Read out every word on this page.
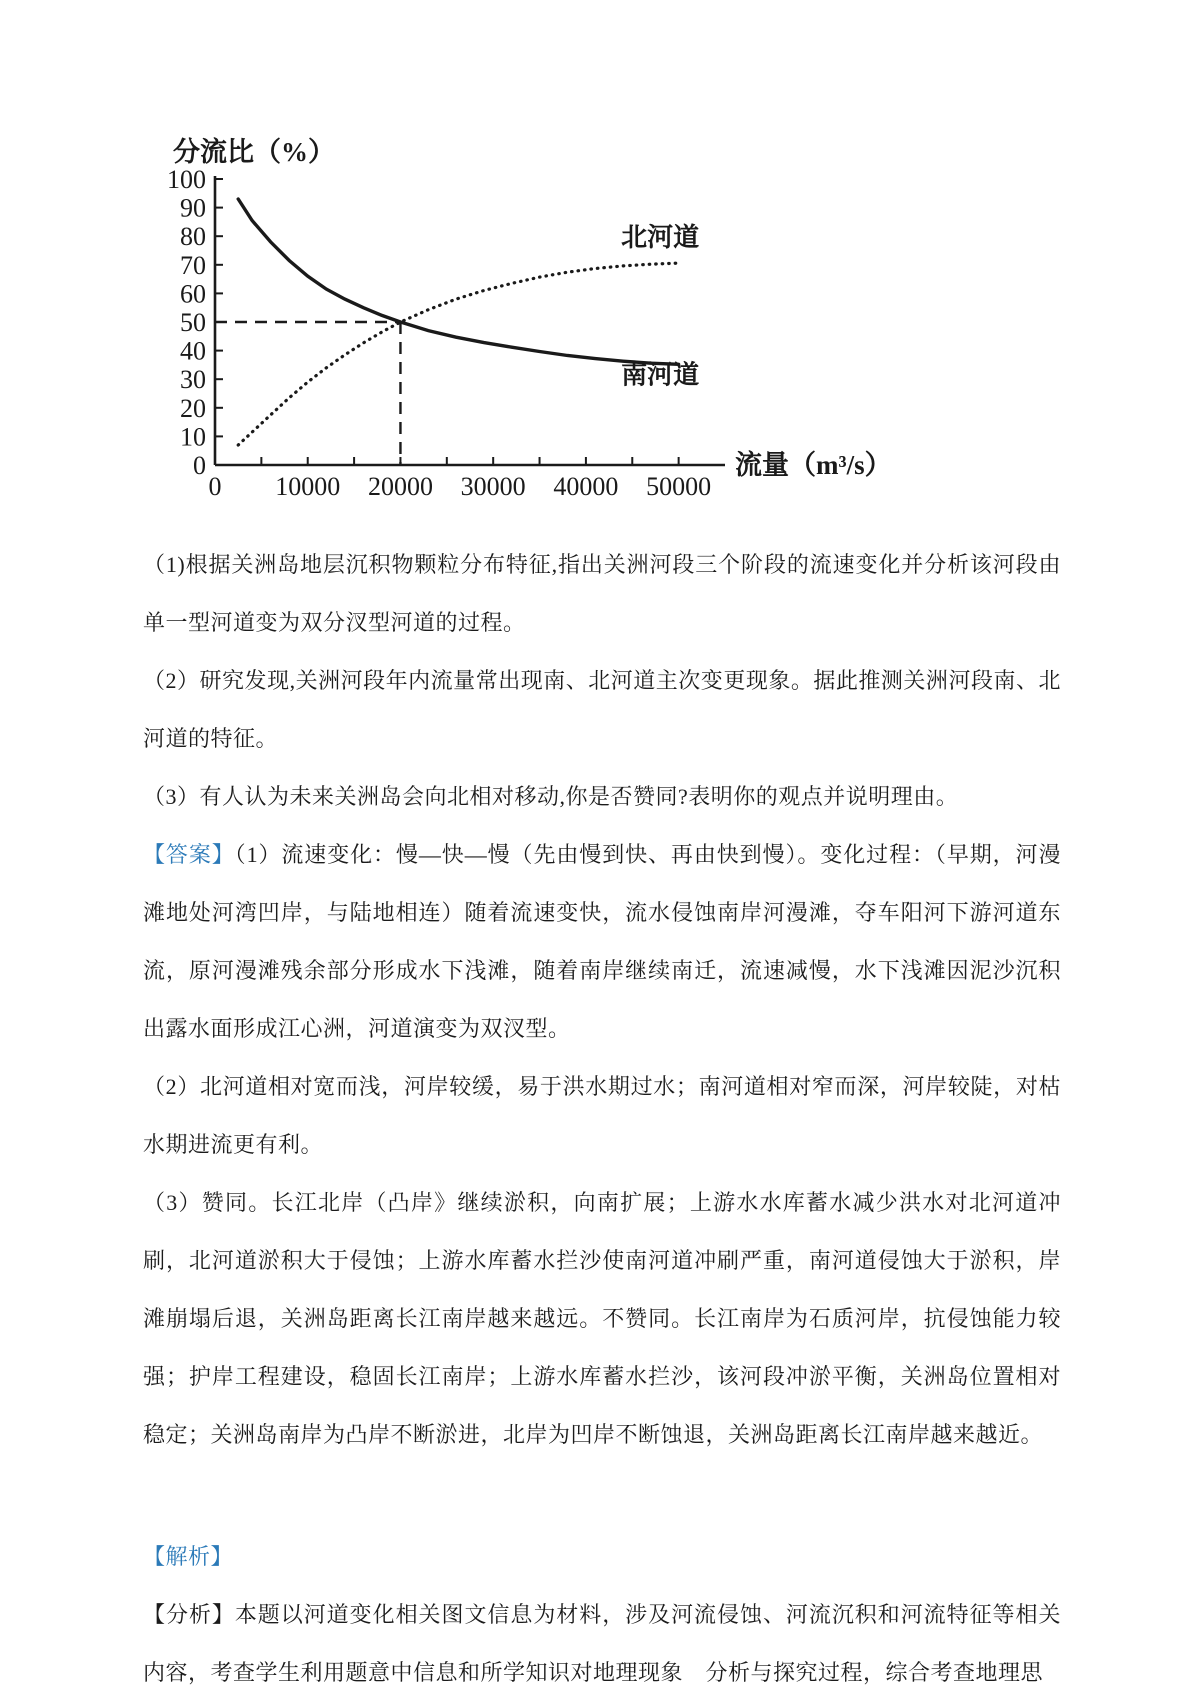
分流比（%）
0
10
20
30
40
50
60
70
80
90
100
0 10000 20000 30000 40000 50000
流量（m³/s）
南河道
北河道

（1)根据关洲岛地层沉积物颗粒分布特征,指出关洲河段三个阶段的流速变化并分析该河段由单一型河道变为双分汊型河道的过程。

（2）研究发现,关洲河段年内流量常出现南、北河道主次变更现象。据此推测关洲河段南、北河道的特征。

（3）有人认为未来关洲岛会向北相对移动,你是否赞同?表明你的观点并说明理由。

【答案】（1）流速变化：慢—快—慢（先由慢到快、再由快到慢）。变化过程：（早期，河漫滩地处河湾凹岸，与陆地相连）随着流速变快，流水侵蚀南岸河漫滩，夺车阳河下游河道东流，原河漫滩残余部分形成水下浅滩，随着南岸继续南迁，流速减慢，水下浅滩因泥沙沉积出露水面形成江心洲，河道演变为双汊型。

（2）北河道相对宽而浅，河岸较缓，易于洪水期过水；南河道相对窄而深，河岸较陡，对枯水期进流更有利。

（3）赞同。长江北岸（凸岸》继续淤积，向南扩展；上游水水库蓄水减少洪水对北河道冲刷，北河道淤积大于侵蚀；上游水库蓄水拦沙使南河道冲刷严重，南河道侵蚀大于淤积，岸滩崩塌后退，关洲岛距离长江南岸越来越远。不赞同。长江南岸为石质河岸，抗侵蚀能力较强；护岸工程建设，稳固长江南岸；上游水库蓄水拦沙，该河段冲淤平衡，关洲岛位置相对稳定；关洲岛南岸为凸岸不断淤进，北岸为凹岸不断蚀退，关洲岛距离长江南岸越来越近。

【解析】

【分析】本题以河道变化相关图文信息为材料，涉及河流侵蚀、河流沉积和河流特征等相关内容，考查学生利用题意中信息和所学知识对地理现象　分析与探究过程，综合考查地理思
